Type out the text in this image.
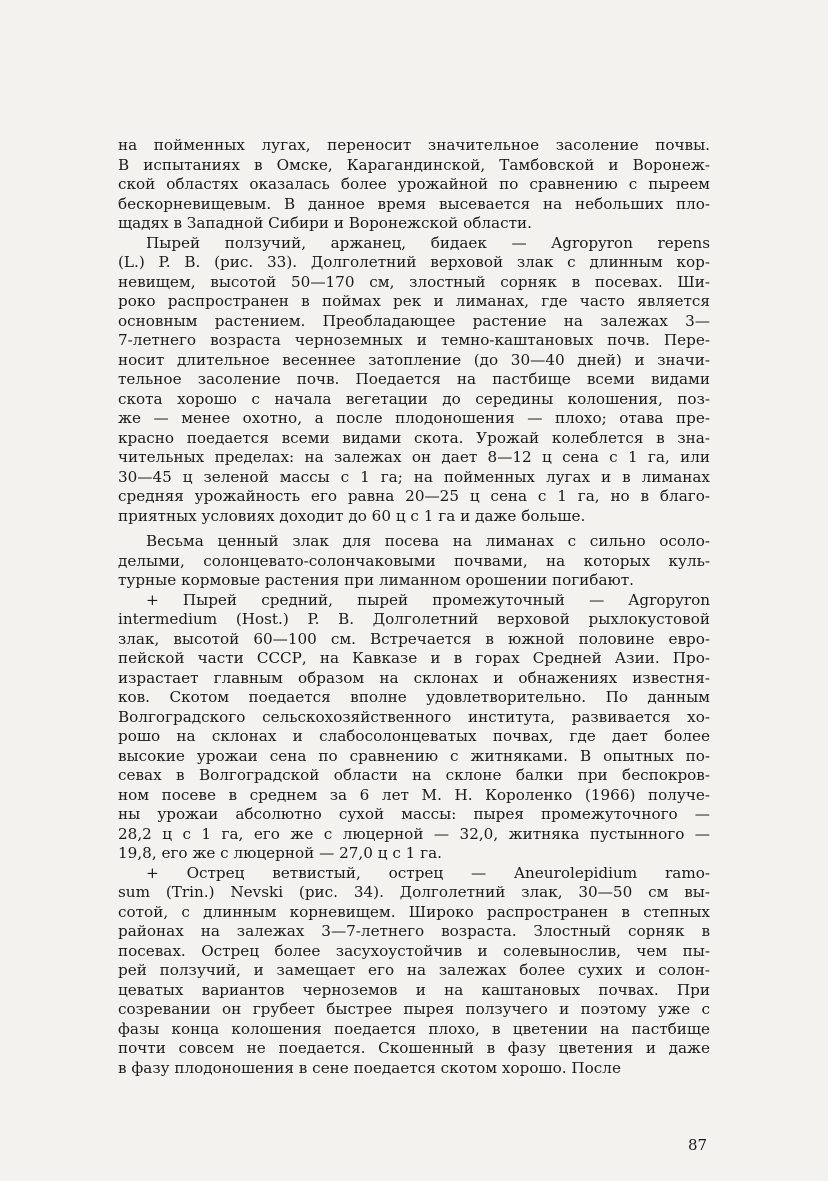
на пойменных лугах, переносит значительное засоление почвы.
В испытаниях в Омске, Карагандинской, Тамбовской и Воронеж-
ской областях оказалась более урожайной по сравнению с пыреем
бескорневищевым. В данное время высевается на небольших пло-
щадях в Западной Сибири и Воронежской области.
Пырей ползучий, аржанец, бидаек — Agropyron repens
(L.) P. B. (рис. 33). Долголетний верховой злак с длинным кор-
невищем, высотой 50—170 см, злостный сорняк в посевах. Ши-
роко распространен в поймах рек и лиманах, где часто является
основным растением. Преобладающее растение на залежах 3—
7-летнего возраста черноземных и темно-каштановых почв. Пере-
носит длительное весеннее затопление (до 30—40 дней) и значи-
тельное засоление почв. Поедается на пастбище всеми видами
скота хорошо с начала вегетации до середины колошения, поз-
же — менее охотно, а после плодоношения — плохо; отава пре-
красно поедается всеми видами скота. Урожай колеблется в зна-
чительных пределах: на залежах он дает 8—12 ц сена с 1 га, или
30—45 ц зеленой массы с 1 га; на пойменных лугах и в лиманах
средняя урожайность его равна 20—25 ц сена с 1 га, но в благо-
приятных условиях доходит до 60 ц с 1 га и даже больше.
Весьма ценный злак для посева на лиманах с сильно осоло-
делыми, солонцевато-солончаковыми почвами, на которых куль-
турные кормовые растения при лиманном орошении погибают.
+ Пырей средний, пырей промежуточный — Agropyron
intermedium (Host.) P. B. Долголетний верховой рыхлокустовой
злак, высотой 60—100 см. Встречается в южной половине евро-
пейской части СССР, на Кавказе и в горах Средней Азии. Про-
израстает главным образом на склонах и обнажениях известня-
ков. Скотом поедается вполне удовлетворительно. По данным
Волгоградского сельскохозяйственного института, развивается хо-
рошо на склонах и слабосолонцеватых почвах, где дает более
высокие урожаи сена по сравнению с житняками. В опытных по-
севах в Волгоградской области на склоне балки при беспокров-
ном посеве в среднем за 6 лет М. Н. Короленко (1966) получе-
ны урожаи абсолютно сухой массы: пырея промежуточного —
28,2 ц с 1 га, его же с люцерной — 32,0, житняка пустынного —
19,8, его же с люцерной — 27,0 ц с 1 га.
+ Острец ветвистый, острец — Aneurolepidium ramo-
sum (Trin.) Nevski (рис. 34). Долголетний злак, 30—50 см вы-
сотой, с длинным корневищем. Широко распространен в степных
районах на залежах 3—7-летнего возраста. Злостный сорняк в
посевах. Острец более засухоустойчив и солевынослив, чем пы-
рей ползучий, и замещает его на залежах более сухих и солон-
цеватых вариантов черноземов и на каштановых почвах. При
созревании он грубеет быстрее пырея ползучего и поэтому уже с
фазы конца колошения поедается плохо, в цветении на пастбище
почти совсем не поедается. Скошенный в фазу цветения и даже
в фазу плодоношения в сене поедается скотом хорошо. После
87
